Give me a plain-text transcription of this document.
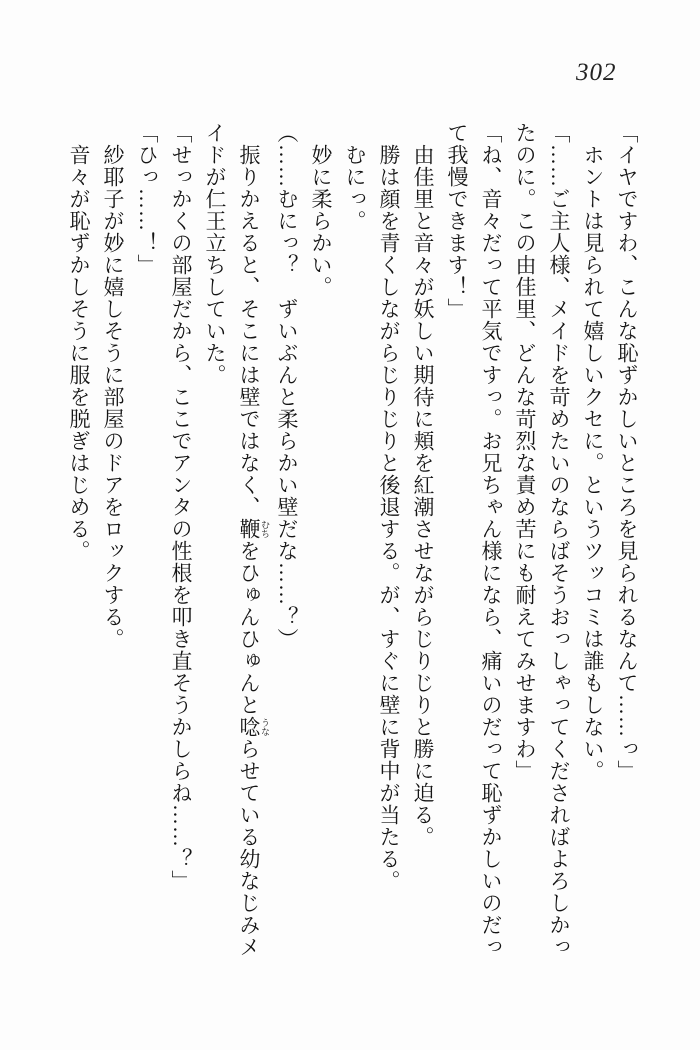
302

「イヤですわ、こんな恥ずかしいところを見られるなんて……っ」

ホントは見られて嬉しいクセに。というツッコミは誰もしない。

「……ご主人様、メイドを苛めたいのならばそうおっしゃってくださればよろしかっ

たのに。この由佳里、どんな苛烈な責め苦にも耐えてみせますわ」

「ね、音々だって平気ですっ。お兄ちゃん様になら、痛いのだって恥ずかしいのだっ

て我慢できます！」

由佳里と音々が妖しい期待に頬を紅潮させながらじりじりと勝に迫る。

勝は顔を青くしながらじりじりと後退する。が、すぐに壁に背中が当たる。

むにっ。

妙に柔らかい。

（……むにっ？　ずいぶんと柔らかい壁だな……？）

振りかえると、そこには壁ではなく、鞭 むちをひゅんひゅんと唸 うならせている幼なじみメ

イドが仁王立ちしていた。

「せっかくの部屋だから、ここでアンタの性根を叩き直そうかしらね……？」

「ひっ……！」

紗耶子が妙に嬉しそうに部屋のドアをロックする。

音々が恥ずかしそうに服を脱ぎはじめる。
